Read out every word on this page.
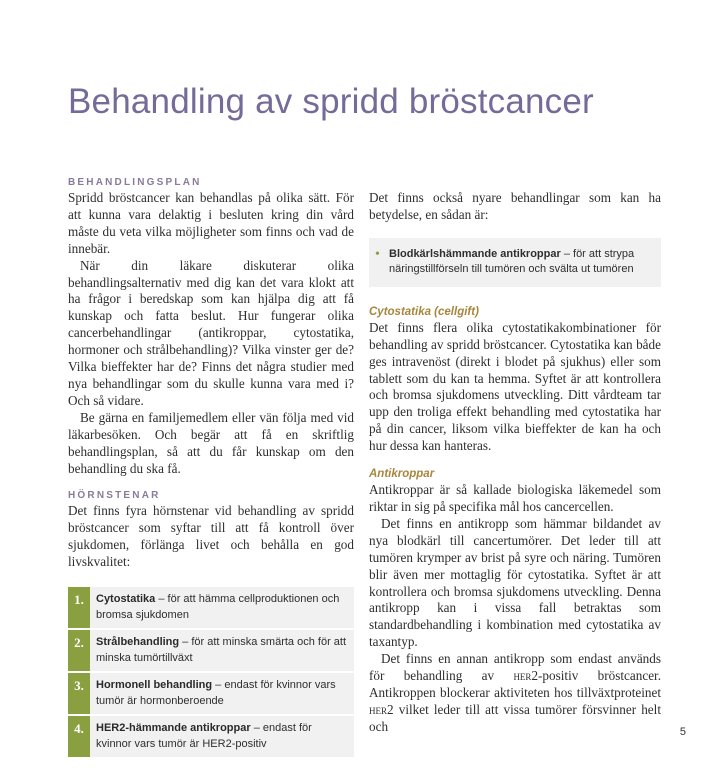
Behandling av spridd bröstcancer

BEHANDLINGSPLAN

Spridd bröstcancer kan behandlas på olika sätt. För att kunna vara delaktig i besluten kring din vård måste du veta vilka möjligheter som finns och vad de innebär.

När din läkare diskuterar olika behandlingsalternativ med dig kan det vara klokt att ha frågor i beredskap som kan hjälpa dig att få kunskap och fatta beslut. Hur fungerar olika cancerbehandlingar (antikroppar, cytostatika, hormoner och strålbehandling)? Vilka vinster ger de? Vilka bieffekter har de? Finns det några studier med nya behandlingar som du skulle kunna vara med i? Och så vidare.

Be gärna en familjemedlem eller vän följa med vid läkarbesöken. Och begär att få en skriftlig behandlingsplan, så att du får kunskap om den behandling du ska få.

HÖRNSTENAR

Det finns fyra hörnstenar vid behandling av spridd bröstcancer som syftar till att få kontroll över sjukdomen, förlänga livet och behålla en god livskvalitet:

1.	Cytostatika – för att hämma cellproduktionen och bromsa sjukdomen
2.	Strålbehandling – för att minska smärta och för att minska tumörtillväxt
3.	Hormonell behandling – endast för kvinnor vars tumör är hormonberoende
4.	HER2-hämmande antikroppar – endast för kvinnor vars tumör är HER2-positiv

Det finns också nyare behandlingar som kan ha betydelse, en sådan är:

• Blodkärlshämmande antikroppar – för att strypa näringstillförseln till tumören och svälta ut tumören

Cytostatika (cellgift)

Det finns flera olika cytostatikakombinationer för behandling av spridd bröstcancer. Cytostatika kan både ges intravenöst (direkt i blodet på sjukhus) eller som tablett som du kan ta hemma. Syftet är att kontrollera och bromsa sjukdomens utveckling. Ditt vårdteam tar upp den troliga effekt behandling med cytostatika har på din cancer, liksom vilka bieffekter de kan ha och hur dessa kan hanteras.

Antikroppar

Antikroppar är så kallade biologiska läkemedel som riktar in sig på specifika mål hos cancercellen.

Det finns en antikropp som hämmar bildandet av nya blodkärl till cancertumörer. Det leder till att tumören krymper av brist på syre och näring. Tumören blir även mer mottaglig för cytostatika. Syftet är att kontrollera och bromsa sjukdomens utveckling. Denna antikropp kan i vissa fall betraktas som standardbehandling i kombination med cytostatika av taxantyp.

Det finns en annan antikropp som endast används för behandling av her2-positiv bröstcancer. Antikroppen blockerar aktiviteten hos tillväxtproteinet her2 vilket leder till att vissa tumörer försvinner helt och	5
